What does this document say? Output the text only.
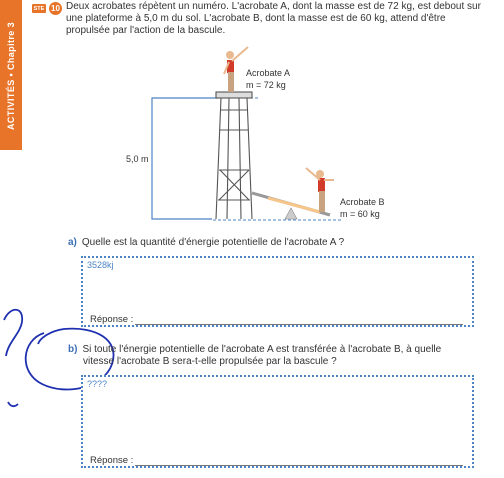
ACTIVITÉS • Chapitre 3
STE 10 Deux acrobates répètent un numéro. L'acrobate A, dont la masse est de 72 kg, est debout sur une plateforme à 5,0 m du sol. L'acrobate B, dont la masse est de 60 kg, attend d'être propulsée par l'action de la bascule.
5,0 m
Acrobate A
m = 72 kg
Acrobate B
m = 60 kg
a) Quelle est la quantité d'énergie potentielle de l'acrobate A ?
3528kj
Réponse :
b) Si toute l'énergie potentielle de l'acrobate A est transférée à l'acrobate B, à quelle
vitesse l'acrobate B sera-t-elle propulsée par la bascule ?
????
Réponse :
